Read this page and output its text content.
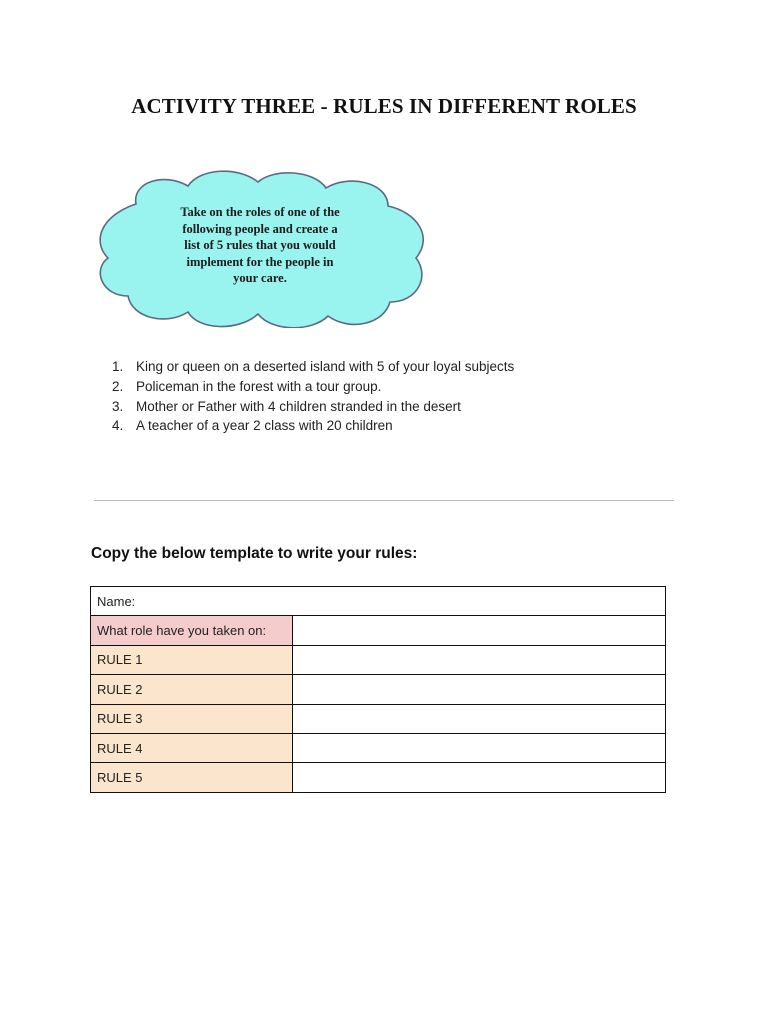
ACTIVITY THREE - RULES IN DIFFERENT ROLES
Take on the roles of one of the
following people and create a
list of 5 rules that you would
implement for the people in
your care.
1. King or queen on a deserted island with 5 of your loyal subjects
2. Policeman in the forest with a tour group.
3. Mother or Father with 4 children stranded in the desert
4. A teacher of a year 2 class with 20 children
Copy the below template to write your rules:
Name:	
What role have you taken on:	
RULE 1	
RULE 2	
RULE 3	
RULE 4	
RULE 5	
